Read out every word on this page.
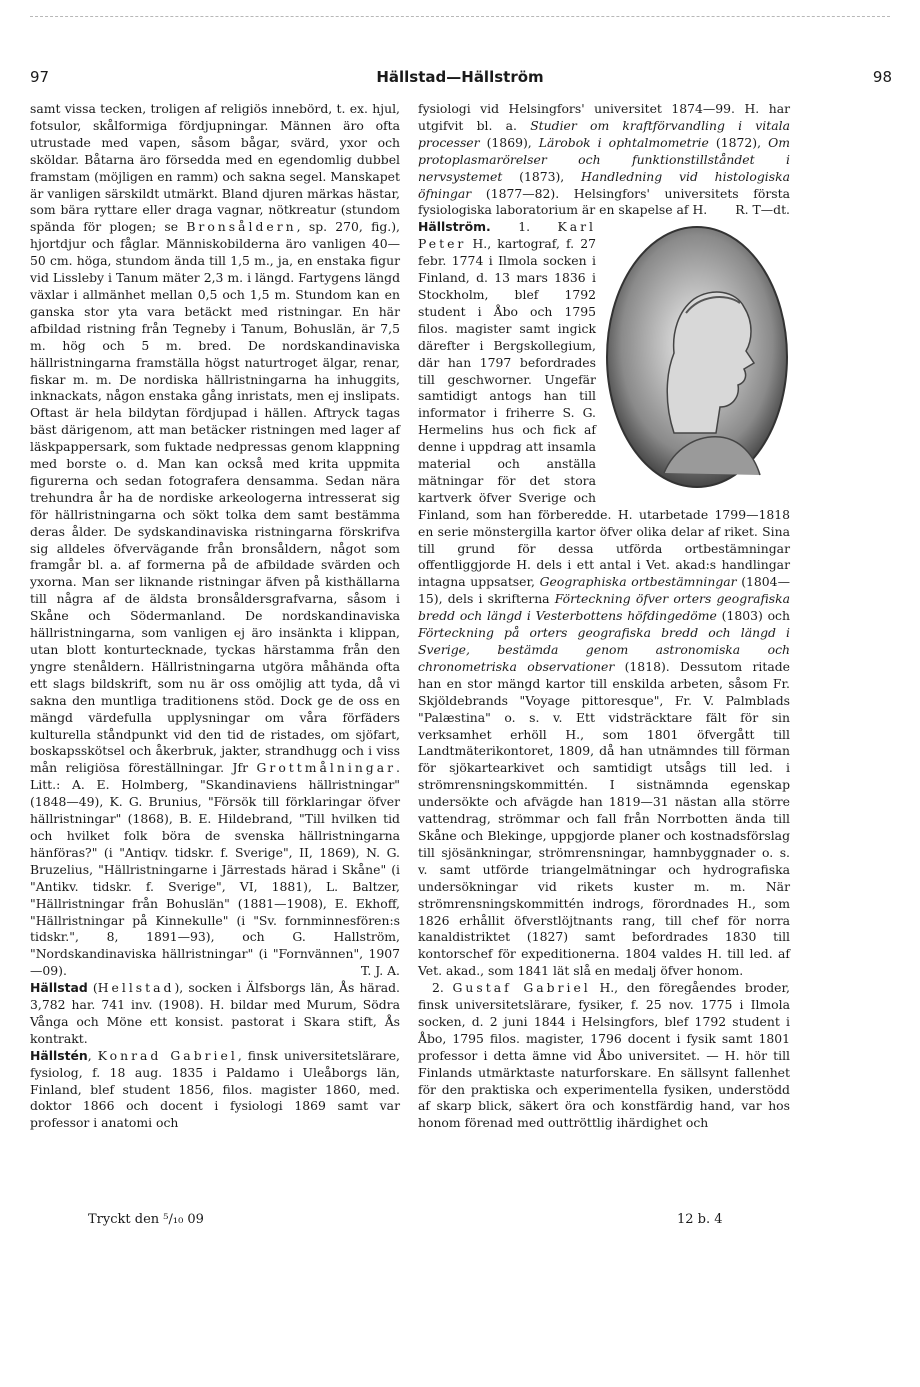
97	Hällstad—Hällström	98

samt vissa tecken, troligen af religiös innebörd, t. ex. hjul, fotsulor, skålformiga fördjupningar. Männen äro ofta utrustade med vapen, såsom bågar, svärd, yxor och sköldar. Båtarna äro försedda med en egendomlig dubbel framstam (möjligen en ramm) och sakna segel. Manskapet är vanligen särskildt utmärkt. Bland djuren märkas hästar, som bära ryttare eller draga vagnar, nötkreatur (stundom spända för plogen; se Bronsåldern, sp. 270, fig.), hjortdjur och fåglar. Människobilderna äro vanligen 40—50 cm. höga, stundom ända till 1,5 m., ja, en enstaka figur vid Lissleby i Tanum mäter 2,3 m. i längd. Fartygens längd växlar i allmänhet mellan 0,5 och 1,5 m. Stundom kan en ganska stor yta vara betäckt med ristningar. En här afbildad ristning från Tegneby i Tanum, Bohuslän, är 7,5 m. hög och 5 m. bred. De nordskandinaviska hällristningarna framställa högst naturtroget älgar, renar, fiskar m. m. De nordiska hällristningarna ha inhuggits, inknackats, någon enstaka gång inristats, men ej inslipats. Oftast är hela bildytan fördjupad i hällen. Aftryck tagas bäst därigenom, att man betäcker ristningen med lager af läskpappersark, som fuktade nedpressas genom klappning med borste o. d. Man kan också med krita uppmita figurerna och sedan fotografera densamma. Sedan nära trehundra år ha de nordiske arkeologerna intresserat sig för hällristningarna och sökt tolka dem samt bestämma deras ålder. De sydskandinaviska ristningarna förskrifva sig alldeles öfvervägande från bronsåldern, något som framgår bl. a. af formerna på de afbildade svärden och yxorna. Man ser liknande ristningar äfven på kisthällarna till några af de äldsta bronsåldersgrafvarna, såsom i Skåne och Södermanland. De nordskandinaviska hällristningarna, som vanligen ej äro insänkta i klippan, utan blott konturtecknade, tyckas härstamma från den yngre stenåldern. Hällristningarna utgöra måhända ofta ett slags bildskrift, som nu är oss omöjlig att tyda, då vi sakna den muntliga traditionens stöd. Dock ge de oss en mängd värdefulla upplysningar om våra förfäders kulturella ståndpunkt vid den tid de ristades, om sjöfart, boskapsskötsel och åkerbruk, jakter, strandhugg och i viss mån religiösa föreställningar. Jfr Grottmålningar. Litt.: A. E. Holmberg, "Skandinaviens hällristningar" (1848—49), K. G. Brunius, "Försök till förklaringar öfver hällristningar" (1868), B. E. Hildebrand, "Till hvilken tid och hvilket folk böra de svenska hällristningarna hänföras?" (i "Antiqv. tidskr. f. Sverige", II, 1869), N. G. Bruzelius, "Hällristningarne i Järrestads härad i Skåne" (i "Antikv. tidskr. f. Sverige", VI, 1881), L. Baltzer, "Hällristningar från Bohuslän" (1881—1908), E. Ekhoff, "Hällristningar på Kinnekulle" (i "Sv. fornminnesfören:s tidskr.", 8, 1891—93), och G. Hallström, "Nordskandinaviska hällristningar" (i "Fornvännen", 1907—09).	T. J. A.

Hällstad (Hellstad), socken i Älfsborgs län, Ås härad. 3,782 har. 741 inv. (1908). H. bildar med Murum, Södra Vånga och Möne ett konsist. pastorat i Skara stift, Ås kontrakt.

Hällstén, Konrad Gabriel, finsk universitetslärare, fysiolog, f. 18 aug. 1835 i Paldamo i Uleåborgs län, Finland, blef student 1856, filos. magister 1860, med. doktor 1866 och docent i fysiologi 1869 samt var professor i anatomi och

fysiologi vid Helsingfors' universitet 1874—99. H. har utgifvit bl. a. Studier om kraftförvandling i vitala processer (1869), Lärobok i ophtalmometrie (1872), Om protoplasmarörelser och funktionstillståndet i nervsystemet (1873), Handledning vid histologiska öfningar (1877—82). Helsingfors' universitets första fysiologiska laboratorium är en skapelse af H. R. T—dt.

Hällström. 1. Karl Peter H., kartograf, f. 27 febr. 1774 i Ilmola socken i Finland, d. 13 mars 1836 i Stockholm, blef 1792 student i Åbo och 1795 filos. magister samt ingick därefter i Bergskollegium, där han 1797 befordrades till geschworner. Ungefär samtidigt antogs han till informator i friherre S. G. Hermelins hus och fick af denne i uppdrag att insamla material och anställa mätningar för det stora kartverk öfver Sverige och Finland, som han förberedde. H. utarbetade 1799—1818 en serie mönstergilla kartor öfver olika delar af riket. Sina till grund för dessa utförda ortbestämningar offentliggjorde H. dels i ett antal i Vet. akad:s handlingar intagna uppsatser, Geographiska ortbestämningar (1804—15), dels i skrifterna Förteckning öfver orters geografiska bredd och längd i Vesterbottens höfdingedöme (1803) och Förteckning på orters geografiska bredd och längd i Sverige, bestämda genom astronomiska och chronometriska observationer (1818). Dessutom ritade han en stor mängd kartor till enskilda arbeten, såsom Fr. Skjöldebrands "Voyage pittoresque", Fr. V. Palmblads "Palæstina" o. s. v. Ett vidsträcktare fält för sin verksamhet erhöll H., som 1801 öfvergått till Landtmäterikontoret, 1809, då han utnämndes till förman för sjökartearkivet och samtidigt utsågs till led. i strömrensningskommittén. I sistnämnda egenskap undersökte och afvägde han 1819—31 nästan alla större vattendrag, strömmar och fall från Norrbotten ända till Skåne och Blekinge, uppgjorde planer och kostnadsförslag till sjösänkningar, strömrensningar, hamnbyggnader o. s. v. samt utförde triangelmätningar och hydrografiska undersökningar vid rikets kuster m. m. När strömrensningskommittén indrogs, förordnades H., som 1826 erhållit öfverstlöjtnants rang, till chef för norra kanaldistriktet (1827) samt befordrades 1830 till kontorschef för expeditionerna. 1804 valdes H. till led. af Vet. akad., som 1841 lät slå en medalj öfver honom.

2. Gustaf Gabriel H., den föregåendes broder, finsk universitetslärare, fysiker, f. 25 nov. 1775 i Ilmola socken, d. 2 juni 1844 i Helsingfors, blef 1792 student i Åbo, 1795 filos. magister, 1796 docent i fysik samt 1801 professor i detta ämne vid Åbo universitet. — H. hör till Finlands utmärktaste naturforskare. En sällsynt fallenhet för den praktiska och experimentella fysiken, understödd af skarp blick, säkert öra och konstfärdig hand, var hos honom förenad med outtröttlig ihärdighet och

Tryckt den ⁵/₁₀ 09	12 b. 4
